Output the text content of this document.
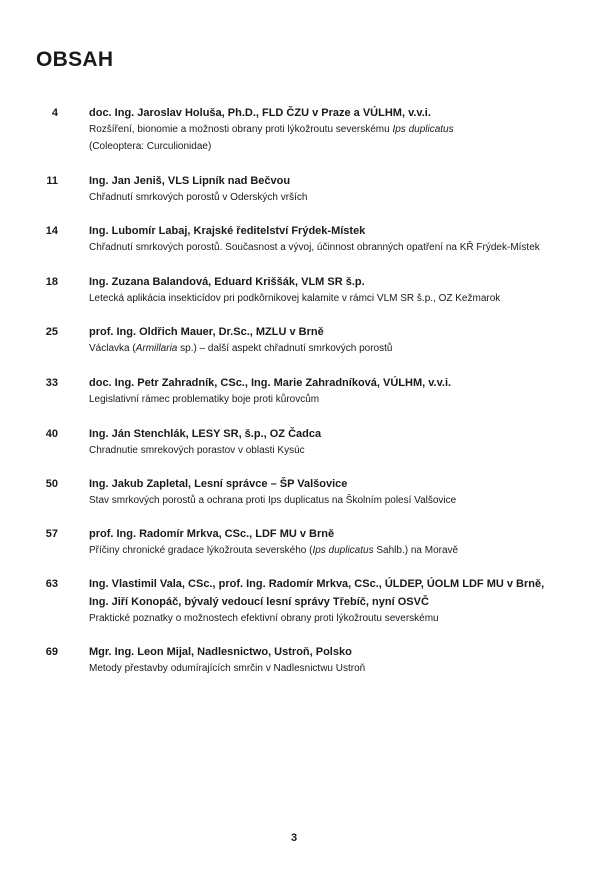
OBSAH
4	doc. Ing. Jaroslav Holuša, Ph.D., FLD ČZU v Praze a VÚLHM, v.v.i.
Rozšíření, bionomie a možnosti obrany proti lýkožroutu severskému Ips duplicatus
(Coleoptera: Curculionidae)
11	Ing. Jan Jeniš, VLS Lipník nad Bečvou
Chřadnutí smrkových porostů v Oderských vrších
14	Ing. Lubomír Labaj, Krajské ředitelství Frýdek-Místek
Chřadnutí smrkových porostů. Současnost a vývoj, účinnost obranných opatření na KŘ Frýdek-Místek
18	Ing. Zuzana Balandová, Eduard Kriššák, VLM SR š.p.
Letecká aplikácia insekticídov pri podkôrnikovej kalamite v rámci VLM SR š.p., OZ Kežmarok
25	prof. Ing. Oldřich Mauer, Dr.Sc., MZLU v Brně
Václavka (Armillaria sp.) – další aspekt chřadnutí smrkových porostů
33	doc. Ing. Petr Zahradník, CSc., Ing. Marie Zahradníková, VÚLHM, v.v.i.
Legislativní rámec problematiky boje proti kůrovcům
40	Ing. Ján Stenchlák, LESY SR, š.p., OZ Čadca
Chradnutie smrekových porastov v oblasti Kysúc
50	Ing. Jakub Zapletal, Lesní správce – ŠP Valšovice
Stav smrkových porostů a ochrana proti Ips duplicatus na Školním polesí Valšovice
57	prof. Ing. Radomír Mrkva, CSc., LDF MU v Brně
Příčiny chronické gradace lýkožrouta severského (Ips duplicatus Sahlb.) na Moravě
63	Ing. Vlastimil Vala, CSc., prof. Ing. Radomír Mrkva, CSc., ÚLDEP, ÚOLM LDF MU v Brně,
Ing. Jiří Konopáč, bývalý vedoucí lesní správy Třebíč, nyní OSVČ
Praktické poznatky o možnostech efektivní obrany proti lýkožroutu severskému
69	Mgr. Ing. Leon Mijal, Nadlesnictwo, Ustroň, Polsko
Metody přestavby odumírajících smrčin v Nadlesnictwu Ustroň
3
